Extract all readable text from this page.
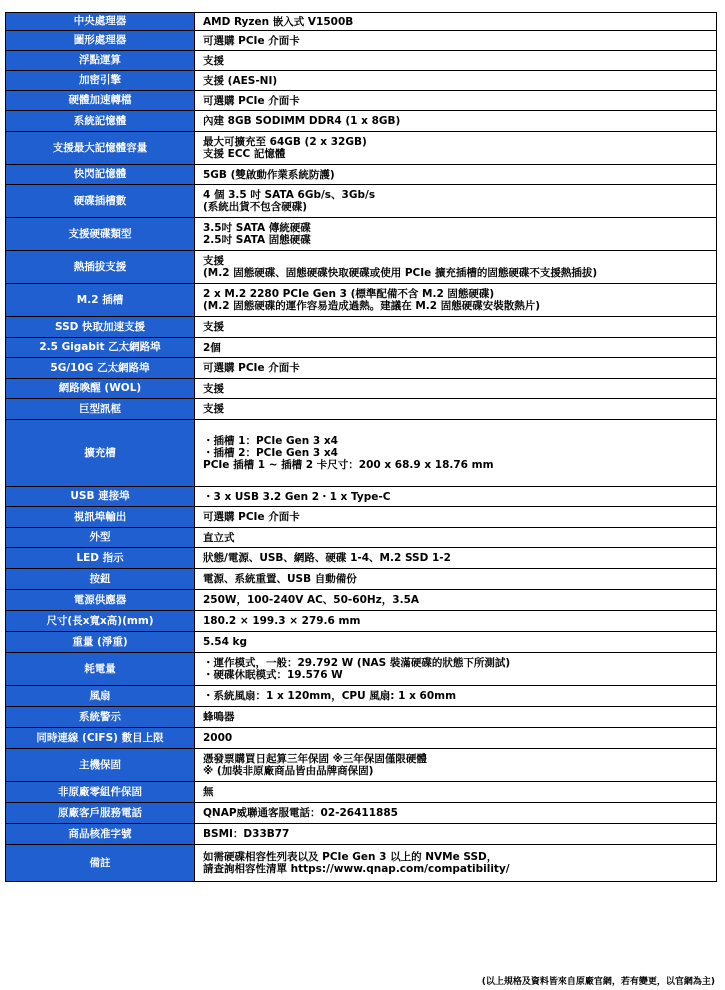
中央處理器	AMD Ryzen 嵌入式 V1500B

圖形處理器	可選購 PCIe 介面卡

浮點運算	支援

加密引擎	支援 (AES-NI)

硬體加速轉檔	可選購 PCIe 介面卡

系統記憶體	內建 8GB SODIMM DDR4 (1 x 8GB)

支援最大記憶體容量	最大可擴充至 64GB (2 x 32GB)
支援 ECC 記憶體

快閃記憶體	5GB (雙啟動作業系統防護)

硬碟插槽數	4 個 3.5 吋 SATA 6Gb/s、3Gb/s
(系統出貨不包含硬碟)

支援硬碟類型	3.5吋 SATA 傳統硬碟
2.5吋 SATA 固態硬碟

熱插拔支援	支援
(M.2 固態硬碟、固態硬碟快取硬碟或使用 PCIe 擴充插槽的固態硬碟不支援熱插拔)

M.2 插槽	2 x M.2 2280 PCIe Gen 3 (標準配備不含 M.2 固態硬碟)
(M.2 固態硬碟的運作容易造成過熱。建議在 M.2 固態硬碟安裝散熱片)

SSD 快取加速支援	支援

2.5 Gigabit 乙太網路埠	2個

5G/10G 乙太網路埠	可選購 PCIe 介面卡

網路喚醒 (WOL)	支援

巨型訊框	支援

擴充槽	・插槽 1：PCIe Gen 3 x4
・插槽 2：PCIe Gen 3 x4
PCIe 插槽 1 ~ 插槽 2 卡尺寸：200 x 68.9 x 18.76 mm

USB 連接埠	・3 x USB 3.2 Gen 2・1 x Type-C

視訊埠輸出	可選購 PCIe 介面卡

外型	直立式

LED 指示	狀態/電源、USB、網路、硬碟 1-4、M.2 SSD 1-2

按鈕	電源、系統重置、USB 自動備份

電源供應器	250W，100-240V AC、50-60Hz，3.5A

尺寸(長x寬x高)(mm)	180.2 × 199.3 × 279.6 mm

重量 (淨重)	5.54 kg

耗電量	・運作模式，一般：29.792 W (NAS 裝滿硬碟的狀態下所測試)
・硬碟休眠模式：19.576 W

風扇	・系統風扇：1 x 120mm，CPU 風扇: 1 x 60mm

系統警示	蜂鳴器

同時連線 (CIFS) 數目上限	2000

主機保固	憑發票購買日起算三年保固 ※三年保固僅限硬體
※ (加裝非原廠商品皆由品牌商保固)

非原廠零組件保固	無

原廠客戶服務電話	QNAP威聯通客服電話：02-26411885

商品核准字號	BSMI：D33B77

備註	如需硬碟相容性列表以及 PCIe Gen 3 以上的 NVMe SSD，
請查詢相容性清單 https://www.qnap.com/compatibility/
(以上規格及資料皆來自原廠官網，若有變更，以官網為主)
